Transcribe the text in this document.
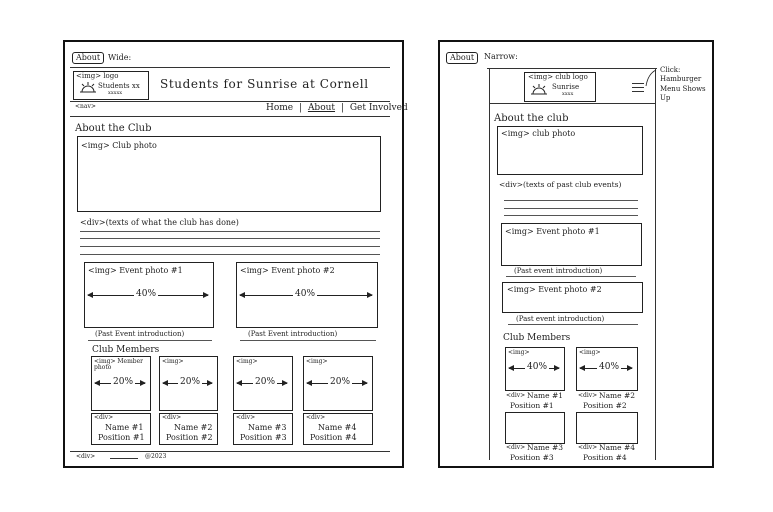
About Wide:
<img> logo
Students xx
xxxxx
Students for Sunrise at Cornell
<nav>	Home | About | Get Involved
About the Club
<img> Club photo
<div>(texts of what the club has done)
<img> Event photo #1
40%
<img> Event photo #2
40%
(Past Event introduction)	(Past Event introduction)
Club Members
<img> Member photo
20%
<img>
20%
<img>
20%
<img>
20%
<div>
Name #1
Position #1
<div>
Name #2
Position #2
<div>
Name #3
Position #3
<div>
Name #4
Position #4
<div>	@2023
About	Narrow:
<img> club logo
Sunrise
xxxx
Click: Hamburger Menu Shows Up
About the club
<img> club photo
<div>(texts of past club events)
<img> Event photo #1
(Past event introduction)
<img> Event photo #2
(Past event introduction)
Club Members
<img>
40%
<img>
40%
Name #1
<div>
Position #1
<div> Name #2
Position #2
<div> Name #3
Position #3
<div> Name #4
Position #4
